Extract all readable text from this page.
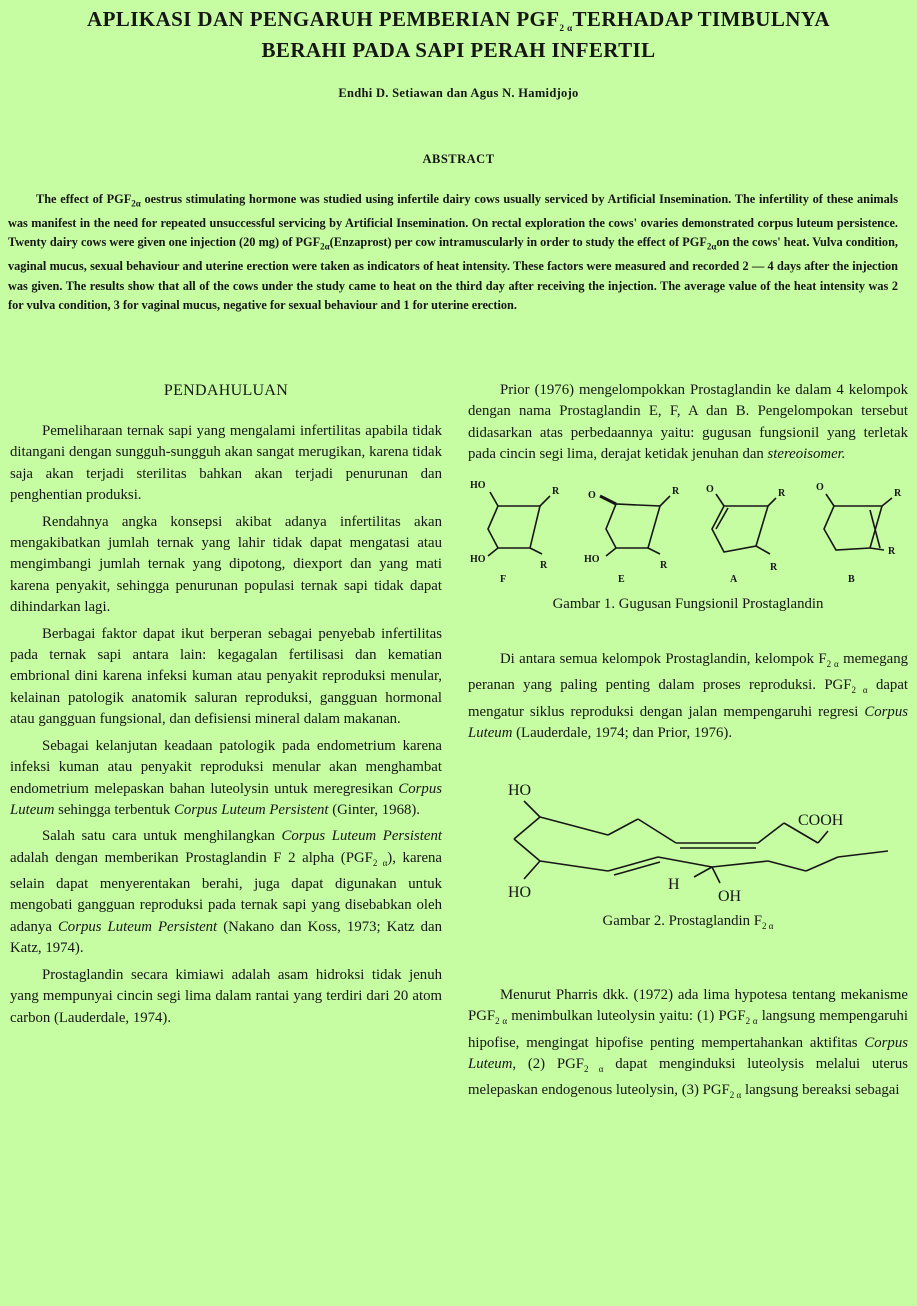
APLIKASI DAN PENGARUH PEMBERIAN $PGF_{2 \alpha}TERHADAP$ TIMBULNYA
BERAHI PADA SAPI PERAH INFERTIL
Endhi D. Setiawan dan Agus N. Hamidjojo
ABSTRACT
The effect of $PGF_{2\alpha}$ oestrus stimulating hormone was studied using infertile dairy cows usually serviced by Artificial Insemination. The infertility of these animals was manifest in the need for repeated unsuccessful servicing by Artificial Insemination. On rectal exploration the cows' ovaries demonstrated corpus luteum persistence. Twenty dairy cows were given one injection (20 mg) of $PGF_{2\alpha}(Enzaprost)$ per cow intramuscularly in order to study the effect of $PGF_{2\alpha}on$ the cows' heat. Vulva condition, vaginal mucus, sexual behaviour and uterine erection were taken as indicators of heat intensity. These factors were measured and recorded 2 — 4 days after the injection was given. The results show that all of the cows under the study came to heat on the third day after receiving the injection. The average value of the heat intensity was 2 for vulva condition, 3 for vaginal mucus, negative for sexual behaviour and 1 for uterine erection.
PENDAHULUAN

Pemeliharaan ternak sapi yang mengalami infertilitas apabila tidak ditangani dengan sungguh-sungguh akan sangat merugikan, karena tidak saja akan terjadi sterilitas bahkan akan terjadi penurunan dan penghentian produksi.

Rendahnya angka konsepsi akibat adanya infertilitas akan mengakibatkan jumlah ternak yang lahir tidak dapat mengatasi atau mengimbangi jumlah ternak yang dipotong, diexport dan yang mati karena penyakit, sehingga penurunan populasi ternak sapi tidak dapat dihindarkan lagi.

Berbagai faktor dapat ikut berperan sebagai penyebab infertilitas pada ternak sapi antara lain: kegagalan fertilisasi dan kematian embrional dini karena infeksi kuman atau penyakit reproduksi menular, kelainan patologik anatomik saluran reproduksi, gangguan hormonal atau gangguan fungsional, dan defisiensi mineral dalam makanan.

Sebagai kelanjutan keadaan patologik pada endometrium karena infeksi kuman atau penyakit reproduksi menular akan menghambat endometrium melepaskan bahan luteolysin untuk meregresikan Corpus Luteum sehingga terbentuk Corpus Luteum Persistent (Ginter, 1968).

Salah satu cara untuk menghilangkan Corpus Luteum Persistent adalah dengan memberikan Prostaglandin F 2 alpha $(PGF_{2 \alpha})$, karena selain dapat menyerentakan berahi, juga dapat digunakan untuk mengobati gangguan reproduksi pada ternak sapi yang disebabkan oleh adanya Corpus Luteum Persistent (Nakano dan Koss, 1973; Katz dan Katz, 1974).

Prostaglandin secara kimiawi adalah asam hidroksi tidak jenuh yang mempunyai cincin segi lima dalam rantai yang terdiri dari 20 atom carbon (Lauderdale, 1974).

Prior (1976) mengelompokkan Prostaglandin ke dalam 4 kelompok dengan nama Prostaglandin E, F, A dan B. Pengelompokan tersebut didasarkan atas perbedaannya yaitu: gugusan fungsionil yang terletak pada cincin segi lima, derajat ketidak jenuhan dan stereoisomer.

HO
R
R
HO
O	R
R
HO
O	R
R
O
R
R
F	E	A	B
Gambar 1. Gugusan Fungsionil Prostaglandin

Di antara semua kelompok Prostaglandin, kelompok $F_{2 \alpha}$ memegang peranan yang paling penting dalam proses reproduksi. $PGF_{2 \alpha}$ dapat mengatur siklus reproduksi dengan jalan mempengaruhi regresi Corpus Luteum (Lauderdale, 1974; dan Prior, 1976).

HO
COOH
HO	H
OH
Gambar 2. Prostaglandin $F_{2 \alpha}$

Menurut Pharris dkk. (1972) ada lima hypotesa tentang mekanisme $PGF_{2 \alpha}$ menimbulkan luteolysin yaitu: (1) $PGF_{2 \alpha}$ langsung mempengaruhi hipofise, mengingat hipofise penting mempertahankan aktifitas Corpus Luteum, (2) $PGF_{2 \alpha}$ dapat menginduksi luteolysis melalui uterus melepaskan endogenous luteolysin, (3) $PGF_{2 \alpha}$ langsung bereaksi sebagai
